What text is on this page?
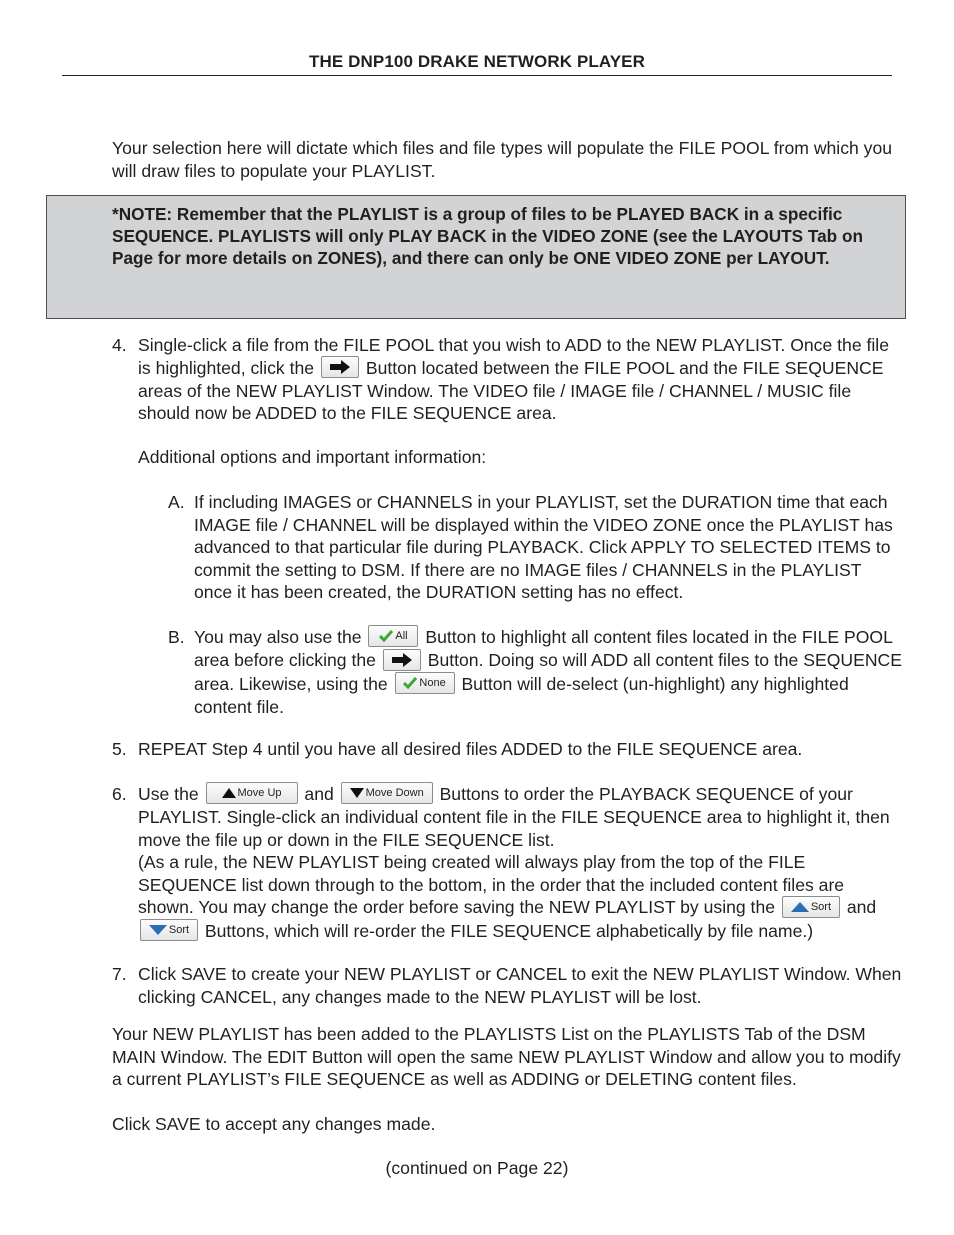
THE DNP100 DRAKE NETWORK PLAYER

Your selection here will dictate which files and file types will populate the FILE POOL from which you will draw files to populate your PLAYLIST.

*NOTE: Remember that the PLAYLIST is a group of files to be PLAYED BACK in a specific SEQUENCE. PLAYLISTS will only PLAY BACK in the VIDEO ZONE (see the LAYOUTS Tab on Page for more details on ZONES), and there can only be ONE VIDEO ZONE per LAYOUT.

4. Single-click a file from the FILE POOL that you wish to ADD to the NEW PLAYLIST. Once the file is highlighted, click the	Button located between the FILE POOL and the FILE SEQUENCE areas of the NEW PLAYLIST Window. The VIDEO file / IMAGE file / CHANNEL / MUSIC file should now be ADDED to the FILE SEQUENCE area.
Additional options and important information:
A. If including IMAGES or CHANNELS in your PLAYLIST, set the DURATION time that each IMAGE file / CHANNEL will be displayed within the VIDEO ZONE once the PLAYLIST has advanced to that particular file during PLAYBACK. Click APPLY TO SELECTED ITEMS to commit the setting to DSM. If there are no IMAGE files / CHANNELS in the PLAYLIST once it has been created, the DURATION setting has no effect.
B. You may also use the	All Button to highlight all content files located in the FILE POOL area before clicking the	Button. Doing so will ADD all content files to the SEQUENCE area. Likewise, using the	None Button will de-select (un-highlight) any highlighted content file.
5. REPEAT Step 4 until you have all desired files ADDED to the FILE SEQUENCE area.
6. Use the	Move Up and	Move Down Buttons to order the PLAYBACK SEQUENCE of your PLAYLIST. Single-click an individual content file in the FILE SEQUENCE area to highlight it, then move the file up or down in the FILE SEQUENCE list.
(As a rule, the NEW PLAYLIST being created will always play from the top of the FILE SEQUENCE list down through to the bottom, in the order that the included content files are shown. You may change the order before saving the NEW PLAYLIST by using the	Sort and Sort Buttons, which will re-order the FILE SEQUENCE alphabetically by file name.)
7. Click SAVE to create your NEW PLAYLIST or CANCEL to exit the NEW PLAYLIST Window. When clicking CANCEL, any changes made to the NEW PLAYLIST will be lost.

Your NEW PLAYLIST has been added to the PLAYLISTS List on the PLAYLISTS Tab of the DSM MAIN Window. The EDIT Button will open the same NEW PLAYLIST Window and allow you to modify a current PLAYLIST’s FILE SEQUENCE as well as ADDING or DELETING content files.

Click SAVE to accept any changes made.

(continued on Page 22)
